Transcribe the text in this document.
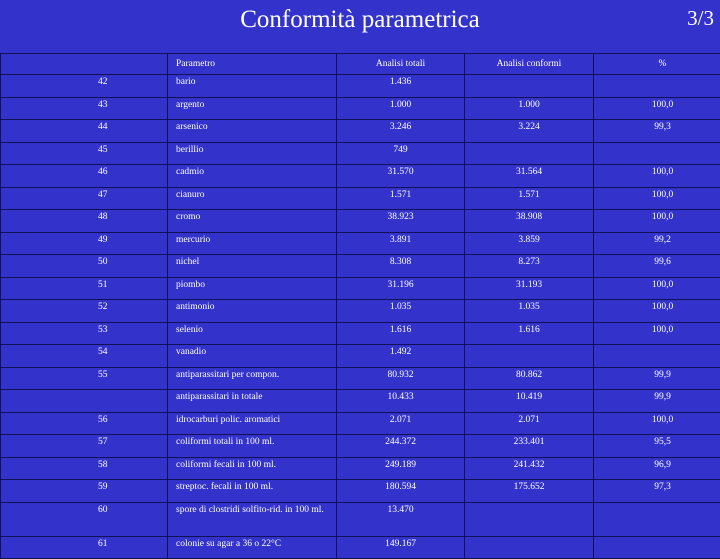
Conformità parametrica	3/3
	Parametro	Analisi totali	Analisi conformi	%
42	bario	1.436		
43	argento	1.000	1.000	100,0
44	arsenico	3.246	3.224	99,3
45	berillio	749		
46	cadmio	31.570	31.564	100,0
47	cianuro	1.571	1.571	100,0
48	cromo	38.923	38.908	100,0
49	mercurio	3.891	3.859	99,2
50	nichel	8.308	8.273	99,6
51	piombo	31.196	31.193	100,0
52	antimonio	1.035	1.035	100,0
53	selenio	1.616	1.616	100,0
54	vanadio	1.492		
55	antiparassitari per compon.	80.932	80.862	99,9
	antiparassitari in totale	10.433	10.419	99,9
56	idrocarburi polic. aromatici	2.071	2.071	100,0
57	coliformi totali in 100 ml.	244.372	233.401	95,5
58	coliformi fecali in 100 ml.	249.189	241.432	96,9
59	streptoc. fecali in 100 ml.	180.594	175.652	97,3
60	spore di clostridi solfito-rid. in 100 ml.	13.470		
61	colonie su agar a 36 o 22°C	149.167		
